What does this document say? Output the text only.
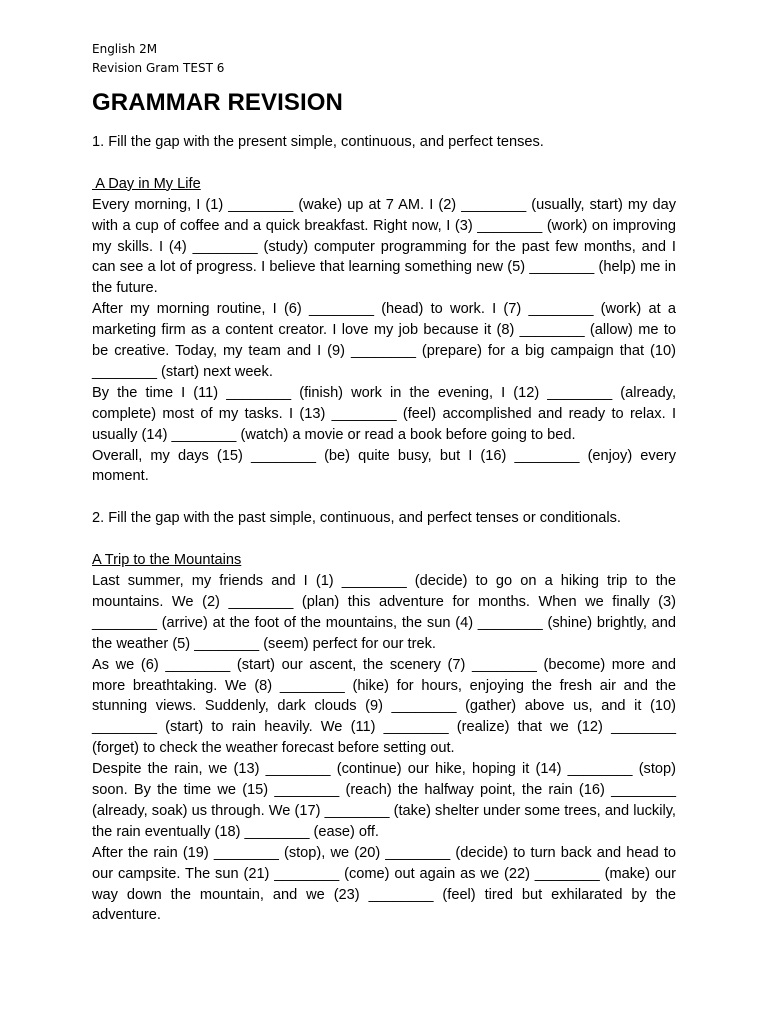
English 2M
Revision Gram TEST 6
GRAMMAR REVISION
1. Fill the gap with the present simple, continuous, and perfect tenses.
A Day in My Life

Every morning, I (1) ________ (wake) up at 7 AM. I (2) ________ (usually, start) my day with a cup of coffee and a quick breakfast. Right now, I (3) ________ (work) on improving my skills. I (4) ________ (study) computer programming for the past few months, and I can see a lot of progress. I believe that learning something new (5) ________ (help) me in the future.

After my morning routine, I (6) ________ (head) to work. I (7) ________ (work) at a marketing firm as a content creator. I love my job because it (8) ________ (allow) me to be creative. Today, my team and I (9) ________ (prepare) for a big campaign that (10) ________ (start) next week.

By the time I (11) ________ (finish) work in the evening, I (12) ________ (already, complete) most of my tasks. I (13) ________ (feel) accomplished and ready to relax. I usually (14) ________ (watch) a movie or read a book before going to bed.

Overall, my days (15) ________ (be) quite busy, but I (16) ________ (enjoy) every moment.

2. Fill the gap with the past simple, continuous, and perfect tenses or conditionals.
A Trip to the Mountains

Last summer, my friends and I (1) ________ (decide) to go on a hiking trip to the mountains. We (2) ________ (plan) this adventure for months. When we finally (3) ________ (arrive) at the foot of the mountains, the sun (4) ________ (shine) brightly, and the weather (5) ________ (seem) perfect for our trek.

As we (6) ________ (start) our ascent, the scenery (7) ________ (become) more and more breathtaking. We (8) ________ (hike) for hours, enjoying the fresh air and the stunning views. Suddenly, dark clouds (9) ________ (gather) above us, and it (10) ________ (start) to rain heavily. We (11) ________ (realize) that we (12) ________ (forget) to check the weather forecast before setting out.

Despite the rain, we (13) ________ (continue) our hike, hoping it (14) ________ (stop) soon. By the time we (15) ________ (reach) the halfway point, the rain (16) ________ (already, soak) us through. We (17) ________ (take) shelter under some trees, and luckily, the rain eventually (18) ________ (ease) off.

After the rain (19) ________ (stop), we (20) ________ (decide) to turn back and head to our campsite. The sun (21) ________ (come) out again as we (22) ________ (make) our way down the mountain, and we (23) ________ (feel) tired but exhilarated by the adventure.
